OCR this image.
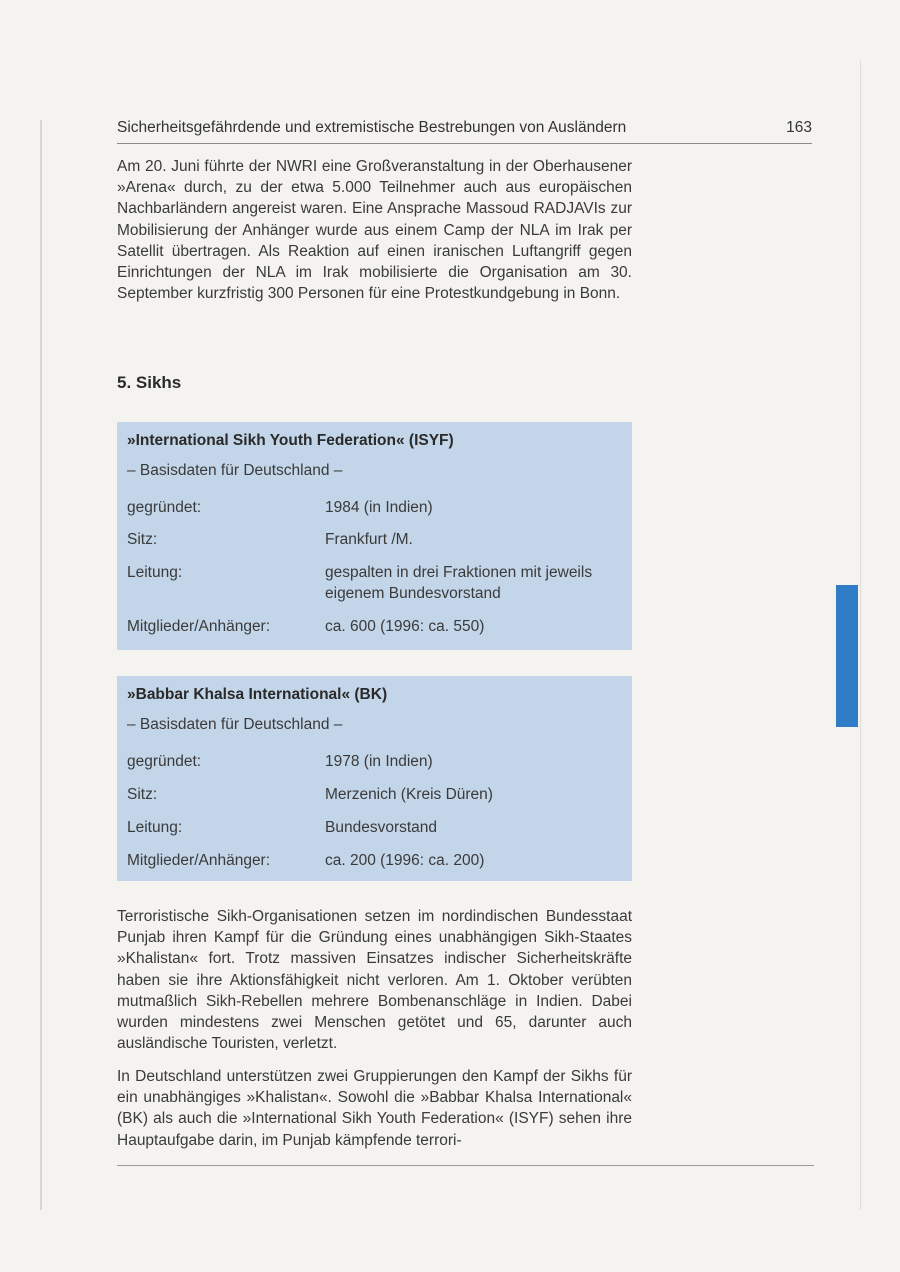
Sicherheitsgefährdende und extremistische Bestrebungen von Ausländern	163

Am 20. Juni führte der NWRI eine Großveranstaltung in der Oberhausener »Arena« durch, zu der etwa 5.000 Teilnehmer auch aus europäischen Nachbarländern angereist waren. Eine Ansprache Massoud RADJAVIs zur Mobilisierung der Anhänger wurde aus einem Camp der NLA im Irak per Satellit übertragen. Als Reaktion auf einen iranischen Luftangriff gegen Einrichtungen der NLA im Irak mobilisierte die Organisation am 30. September kurzfristig 300 Personen für eine Protestkundgebung in Bonn.

5. Sikhs
»International Sikh Youth Federation« (ISYF)
– Basisdaten für Deutschland –
gegründet:	1984 (in Indien)
Sitz:	Frankfurt /M.
Leitung:	gespalten in drei Fraktionen mit jeweils eigenem Bundesvorstand
Mitglieder/Anhänger:	ca. 600 (1996: ca. 550)
»Babbar Khalsa International« (BK)
– Basisdaten für Deutschland –
gegründet:	1978 (in Indien)
Sitz:	Merzenich (Kreis Düren)
Leitung:	Bundesvorstand
Mitglieder/Anhänger:	ca. 200 (1996: ca. 200)

Terroristische Sikh-Organisationen setzen im nordindischen Bundesstaat Punjab ihren Kampf für die Gründung eines unabhängigen Sikh-Staates »Khalistan« fort. Trotz massiven Einsatzes indischer Sicherheitskräfte haben sie ihre Aktionsfähigkeit nicht verloren. Am 1. Oktober verübten mutmaßlich Sikh-Rebellen mehrere Bombenanschläge in Indien. Dabei wurden mindestens zwei Menschen getötet und 65, darunter auch ausländische Touristen, verletzt.

In Deutschland unterstützen zwei Gruppierungen den Kampf der Sikhs für ein unabhängiges »Khalistan«. Sowohl die »Babbar Khalsa International« (BK) als auch die »International Sikh Youth Federation« (ISYF) sehen ihre Hauptaufgabe darin, im Punjab kämpfende terrori-
